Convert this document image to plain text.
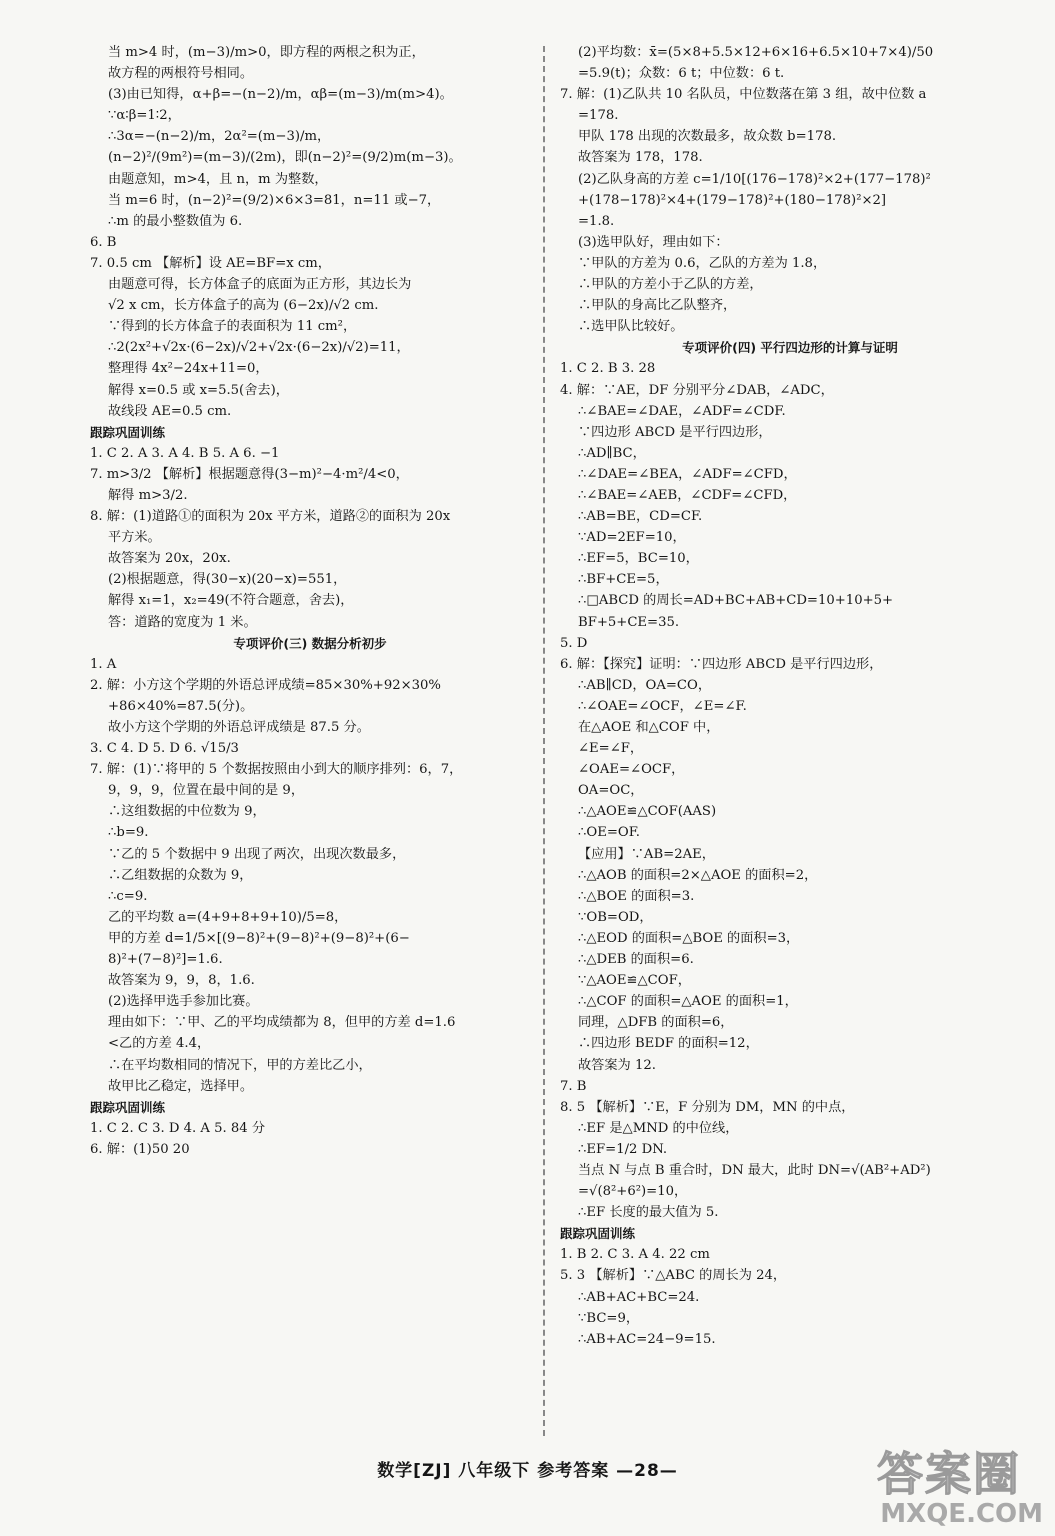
当 m>4 时，(m−3)/m>0，即方程的两根之积为正，
故方程的两根符号相同。
(3)由已知得，α+β=−(n−2)/m，αβ=(m−3)/m(m>4)。
∵α∶β=1∶2，
∴3α=−(n−2)/m，2α²=(m−3)/m，
(n−2)²/(9m²)=(m−3)/(2m)，即(n−2)²=(9/2)m(m−3)。
由题意知，m>4，且 n，m 为整数，
当 m=6 时，(n−2)²=(9/2)×6×3=81，n=11 或−7，
∴m 的最小整数值为 6.
6. B
7. 0.5 cm 【解析】设 AE=BF=x cm，
由题意可得，长方体盒子的底面为正方形，其边长为
√2 x cm，长方体盒子的高为 (6−2x)/√2 cm.
∵得到的长方体盒子的表面积为 11 cm²，
∴2(2x²+√2x·(6−2x)/√2+√2x·(6−2x)/√2)=11，
整理得 4x²−24x+11=0，
解得 x=0.5 或 x=5.5(舍去)，
故线段 AE=0.5 cm.
跟踪巩固训练
1. C 2. A 3. A 4. B 5. A 6. −1
7. m>3/2 【解析】根据题意得(3−m)²−4·m²/4<0，
解得 m>3/2.
8. 解：(1)道路①的面积为 20x 平方米，道路②的面积为 20x
平方米。
故答案为 20x，20x.
(2)根据题意，得(30−x)(20−x)=551，
解得 x₁=1，x₂=49(不符合题意，舍去)，
答：道路的宽度为 1 米。
专项评价(三) 数据分析初步
1. A
2. 解：小方这个学期的外语总评成绩=85×30%+92×30%
+86×40%=87.5(分)。
故小方这个学期的外语总评成绩是 87.5 分。
3. C 4. D 5. D 6. √15/3
7. 解：(1)∵将甲的 5 个数据按照由小到大的顺序排列：6，7，
9，9，9，位置在最中间的是 9，
∴这组数据的中位数为 9，
∴b=9.
∵乙的 5 个数据中 9 出现了两次，出现次数最多，
∴乙组数据的众数为 9，
∴c=9.
乙的平均数 a=(4+9+8+9+10)/5=8，
甲的方差 d=1/5×[(9−8)²+(9−8)²+(9−8)²+(6−
8)²+(7−8)²]=1.6.
故答案为 9，9，8，1.6.
(2)选择甲选手参加比赛。
理由如下：∵甲、乙的平均成绩都为 8，但甲的方差 d=1.6
<乙的方差 4.4，
∴在平均数相同的情况下，甲的方差比乙小，
故甲比乙稳定，选择甲。
跟踪巩固训练
1. C 2. C 3. D 4. A 5. 84 分
6. 解：(1)50 20
(2)平均数：x̄=(5×8+5.5×12+6×16+6.5×10+7×4)/50
=5.9(t)；众数：6 t；中位数：6 t.
7. 解：(1)乙队共 10 名队员，中位数落在第 3 组，故中位数 a
=178.
甲队 178 出现的次数最多，故众数 b=178.
故答案为 178，178.
(2)乙队身高的方差 c=1/10[(176−178)²×2+(177−178)²
+(178−178)²×4+(179−178)²+(180−178)²×2]
=1.8.
(3)选甲队好，理由如下：
∵甲队的方差为 0.6，乙队的方差为 1.8，
∴甲队的方差小于乙队的方差，
∴甲队的身高比乙队整齐，
∴选甲队比较好。
专项评价(四) 平行四边形的计算与证明
1. C 2. B 3. 28
4. 解：∵AE，DF 分别平分∠DAB，∠ADC，
∴∠BAE=∠DAE，∠ADF=∠CDF.
∵四边形 ABCD 是平行四边形，
∴AD∥BC，
∴∠DAE=∠BEA，∠ADF=∠CFD，
∴∠BAE=∠AEB，∠CDF=∠CFD，
∴AB=BE，CD=CF.
∵AD=2EF=10，
∴EF=5，BC=10，
∴BF+CE=5，
∴□ABCD 的周长=AD+BC+AB+CD=10+10+5+
BF+5+CE=35.
5. D
6. 解：【探究】证明：∵四边形 ABCD 是平行四边形，
∴AB∥CD，OA=CO，
∴∠OAE=∠OCF，∠E=∠F.
在△AOE 和△COF 中，
∠E=∠F，
∠OAE=∠OCF，
OA=OC，
∴△AOE≌△COF(AAS)
∴OE=OF.
【应用】∵AB=2AE，
∴△AOB 的面积=2×△AOE 的面积=2，
∴△BOE 的面积=3.
∵OB=OD，
∴△EOD 的面积=△BOE 的面积=3，
∴△DEB 的面积=6.
∵△AOE≌△COF，
∴△COF 的面积=△AOE 的面积=1，
同理，△DFB 的面积=6，
∴四边形 BEDF 的面积=12，
故答案为 12.
7. B
8. 5 【解析】∵E，F 分别为 DM，MN 的中点，
∴EF 是△MND 的中位线，
∴EF=1/2 DN.
当点 N 与点 B 重合时，DN 最大，此时 DN=√(AB²+AD²)
=√(8²+6²)=10，
∴EF 长度的最大值为 5.
跟踪巩固训练
1. B 2. C 3. A 4. 22 cm
5. 3 【解析】∵△ABC 的周长为 24，
∴AB+AC+BC=24.
∵BC=9，
∴AB+AC=24−9=15.
数学[ZJ] 八年级下 参考答案 —28—	答案圈
MXQE.COM
